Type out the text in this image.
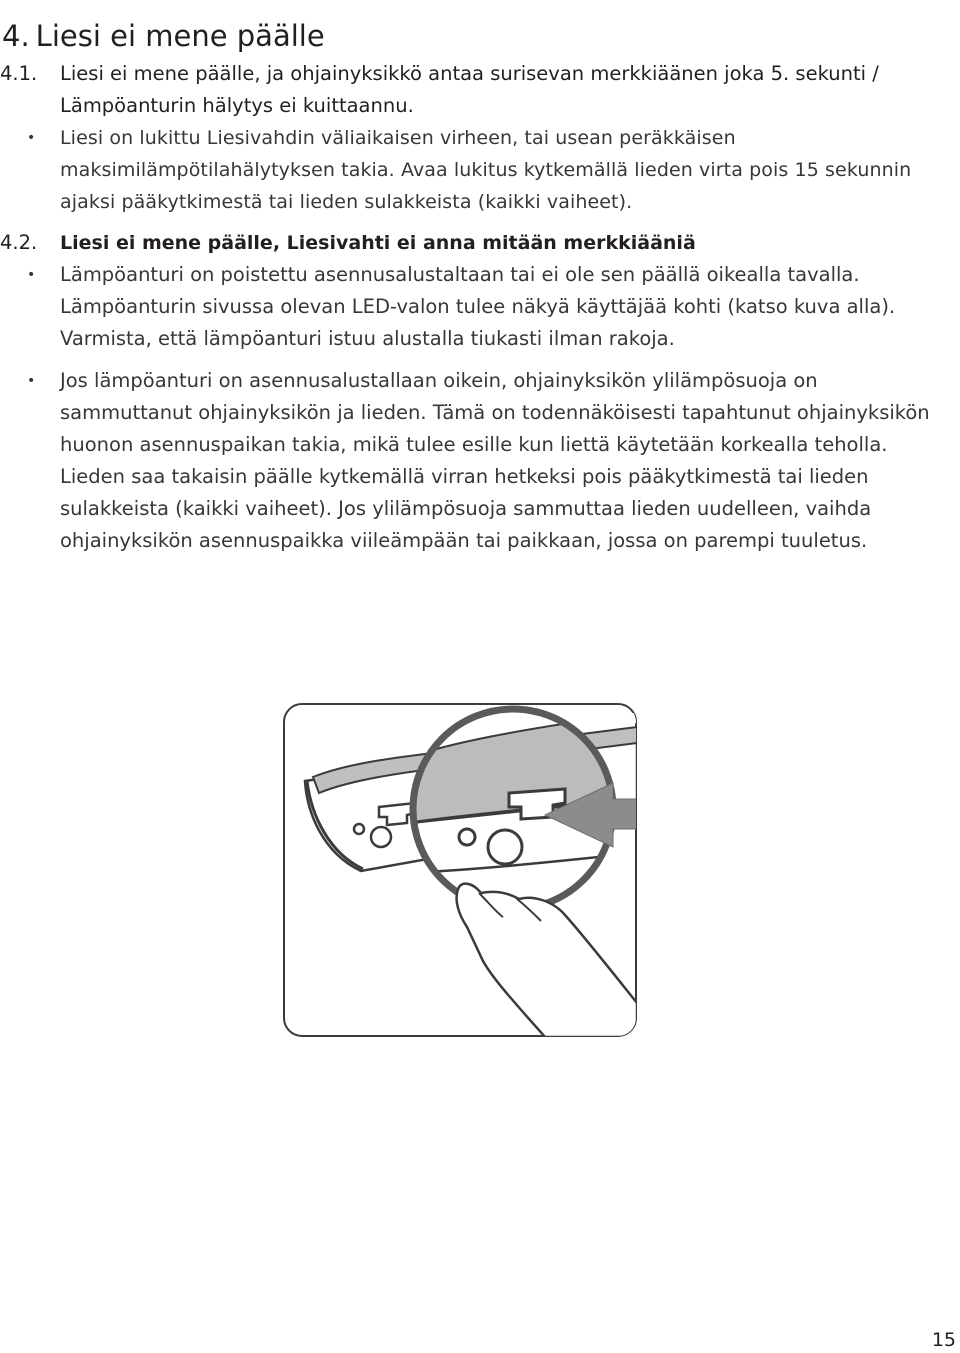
4. Liesi ei mene päälle
4.1. Liesi ei mene päälle, ja ohjainyksikkö antaa surisevan merkkiäänen joka 5. sekunti / Lämpöanturin hälytys ei kuittaannu.
• Liesi on lukittu Liesivahdin väliaikaisen virheen, tai usean peräkkäisen maksimilämpötilahälytyksen takia. Avaa lukitus kytkemällä lieden virta pois 15 sekunnin ajaksi pääkytkimestä tai lieden sulakkeista (kaikki vaiheet).
4.2. Liesi ei mene päälle, Liesivahti ei anna mitään merkkiääniä
• Lämpöanturi on poistettu asennusalustaltaan tai ei ole sen päällä oikealla tavalla. Lämpöanturin sivussa olevan LED-valon tulee näkyä käyttäjää kohti (katso kuva alla). Varmista, että lämpöanturi istuu alustalla tiukasti ilman rakoja.
• Jos lämpöanturi on asennusalustallaan oikein, ohjainyksikön ylilämpösuoja on sammuttanut ohjainyksikön ja lieden. Tämä on todennäköisesti tapahtunut ohjainyksikön huonon asennuspaikan takia, mikä tulee esille kun liettä käytetään korkealla teholla. Lieden saa takaisin päälle kytkemällä virran hetkeksi pois pääkytkimestä tai lieden sulakkeista (kaikki vaiheet). Jos ylilämpösuoja sammuttaa lieden uudelleen, vaihda ohjainyksikön asennuspaikka viileämpään tai paikkaan, jossa on parempi tuuletus.
15
